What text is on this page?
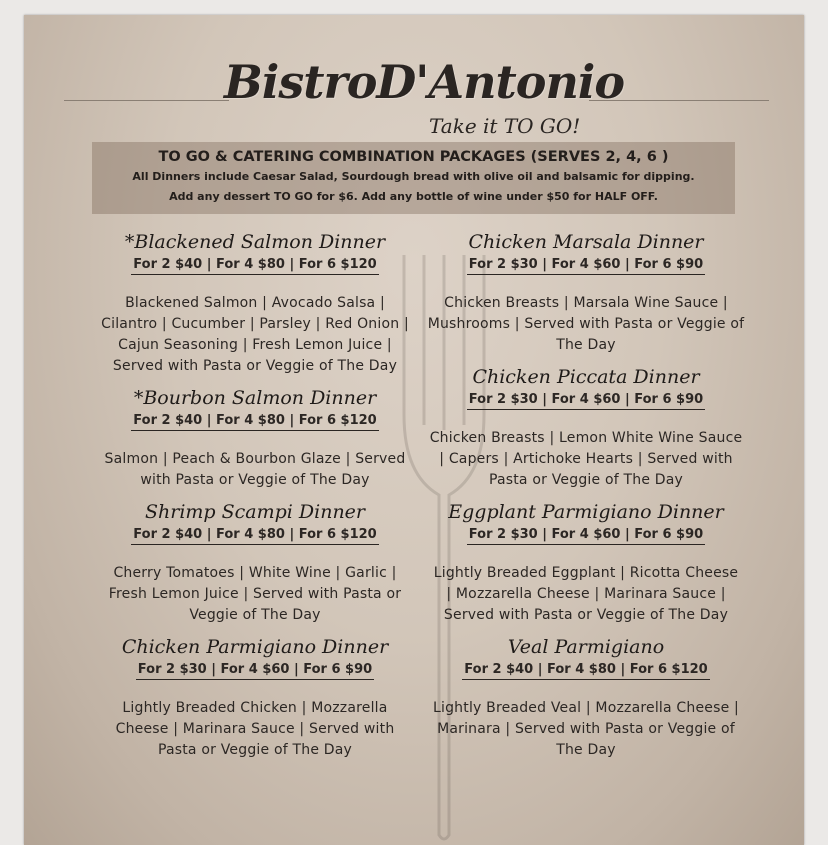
BistroD'Antonio
Take it TO GO!
TO GO & CATERING COMBINATION PACKAGES (SERVES 2, 4, 6 )
All Dinners include Caesar Salad, Sourdough bread with olive oil and balsamic for dipping.
Add any dessert TO GO for $6. Add any bottle of wine under $50 for HALF OFF.
*Blackened Salmon Dinner
For 2 $40 | For 4 $80 | For 6 $120
Blackened Salmon | Avocado Salsa | Cilantro | Cucumber | Parsley | Red Onion | Cajun Seasoning | Fresh Lemon Juice | Served with Pasta or Veggie of The Day
*Bourbon Salmon Dinner
For 2 $40 | For 4 $80 | For 6 $120
Salmon | Peach & Bourbon Glaze | Served with Pasta or Veggie of The Day
Shrimp Scampi Dinner
For 2 $40 | For 4 $80 | For 6 $120
Cherry Tomatoes | White Wine | Garlic | Fresh Lemon Juice | Served with Pasta or Veggie of The Day
Chicken Parmigiano Dinner
For 2 $30 | For 4 $60 | For 6 $90
Lightly Breaded Chicken | Mozzarella Cheese | Marinara Sauce | Served with Pasta or Veggie of The Day
Chicken Marsala Dinner
For 2 $30 | For 4 $60 | For 6 $90
Chicken Breasts | Marsala Wine Sauce | Mushrooms | Served with Pasta or Veggie of The Day
Chicken Piccata Dinner
For 2 $30 | For 4 $60 | For 6 $90
Chicken Breasts | Lemon White Wine Sauce | Capers | Artichoke Hearts | Served with Pasta or Veggie of The Day
Eggplant Parmigiano Dinner
For 2 $30 | For 4 $60 | For 6 $90
Lightly Breaded Eggplant | Ricotta Cheese | Mozzarella Cheese | Marinara Sauce | Served with Pasta or Veggie of The Day
Veal Parmigiano
For 2 $40 | For 4 $80 | For 6 $120
Lightly Breaded Veal | Mozzarella Cheese | Marinara | Served with Pasta or Veggie of The Day
